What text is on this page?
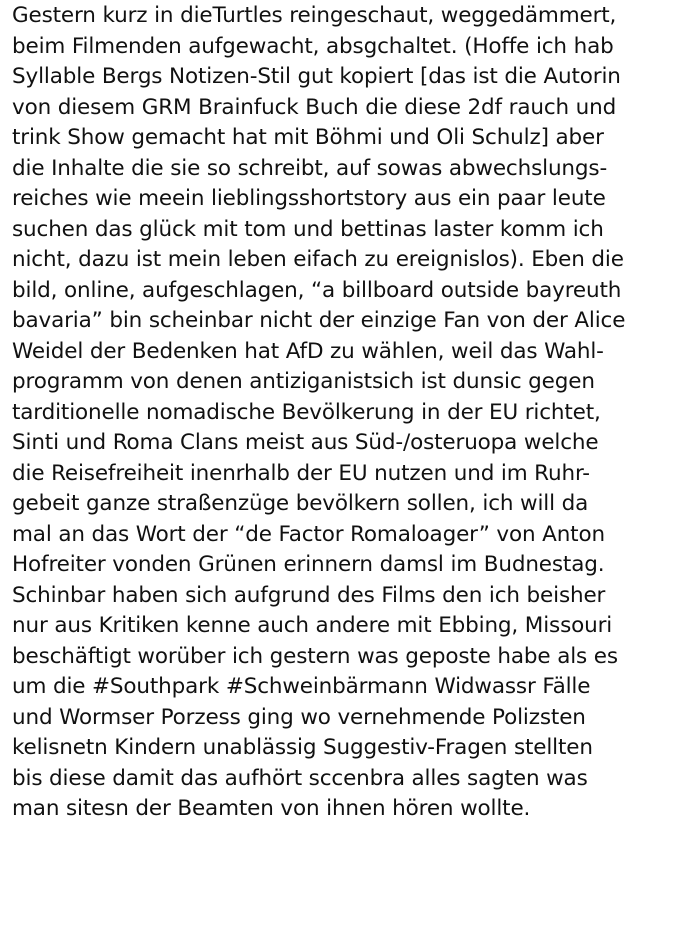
Gestern kurz in dieTurtles reingeschaut, weggedämmert,
beim Filmenden aufgewacht, absgchaltet. (Hoffe ich hab
Syllable Bergs Notizen-Stil gut kopiert [das ist die Autorin
von diesem GRM Brainfuck Buch die diese 2df rauch und
trink Show gemacht hat mit Böhmi und Oli Schulz] aber
die Inhalte die sie so schreibt, auf sowas abwechslungs-
reiches wie meein lieblingsshortstory aus ein paar leute
suchen das glück mit tom und bettinas laster komm ich
nicht, dazu ist mein leben eifach zu ereignislos). Eben die
bild, online, aufgeschlagen, “a billboard outside bayreuth
bavaria” bin scheinbar nicht der einzige Fan von der Alice
Weidel der Bedenken hat AfD zu wählen, weil das Wahl-
programm von denen antiziganistsich ist dunsic gegen
tarditionelle nomadische Bevölkerung in der EU richtet,
Sinti und Roma Clans meist aus Süd-/osteruopa welche
die Reisefreiheit inenrhalb der EU nutzen und im Ruhr-
gebeit ganze straßenzüge bevölkern sollen, ich will da
mal an das Wort der “de Factor Romaloager” von Anton
Hofreiter vonden Grünen erinnern damsl im Budnestag.
Schinbar haben sich aufgrund des Films den ich beisher
nur aus Kritiken kenne auch andere mit Ebbing, Missouri
beschäftigt worüber ich gestern was geposte habe als es
um die #Southpark #Schweinbärmann Widwassr Fälle
und Wormser Porzess ging wo vernehmende Polizsten
kelisnetn Kindern unablässig Suggestiv-Fragen stellten
bis diese damit das aufhört sccenbra alles sagten was
man sitesn der Beamten von ihnen hören wollte.
